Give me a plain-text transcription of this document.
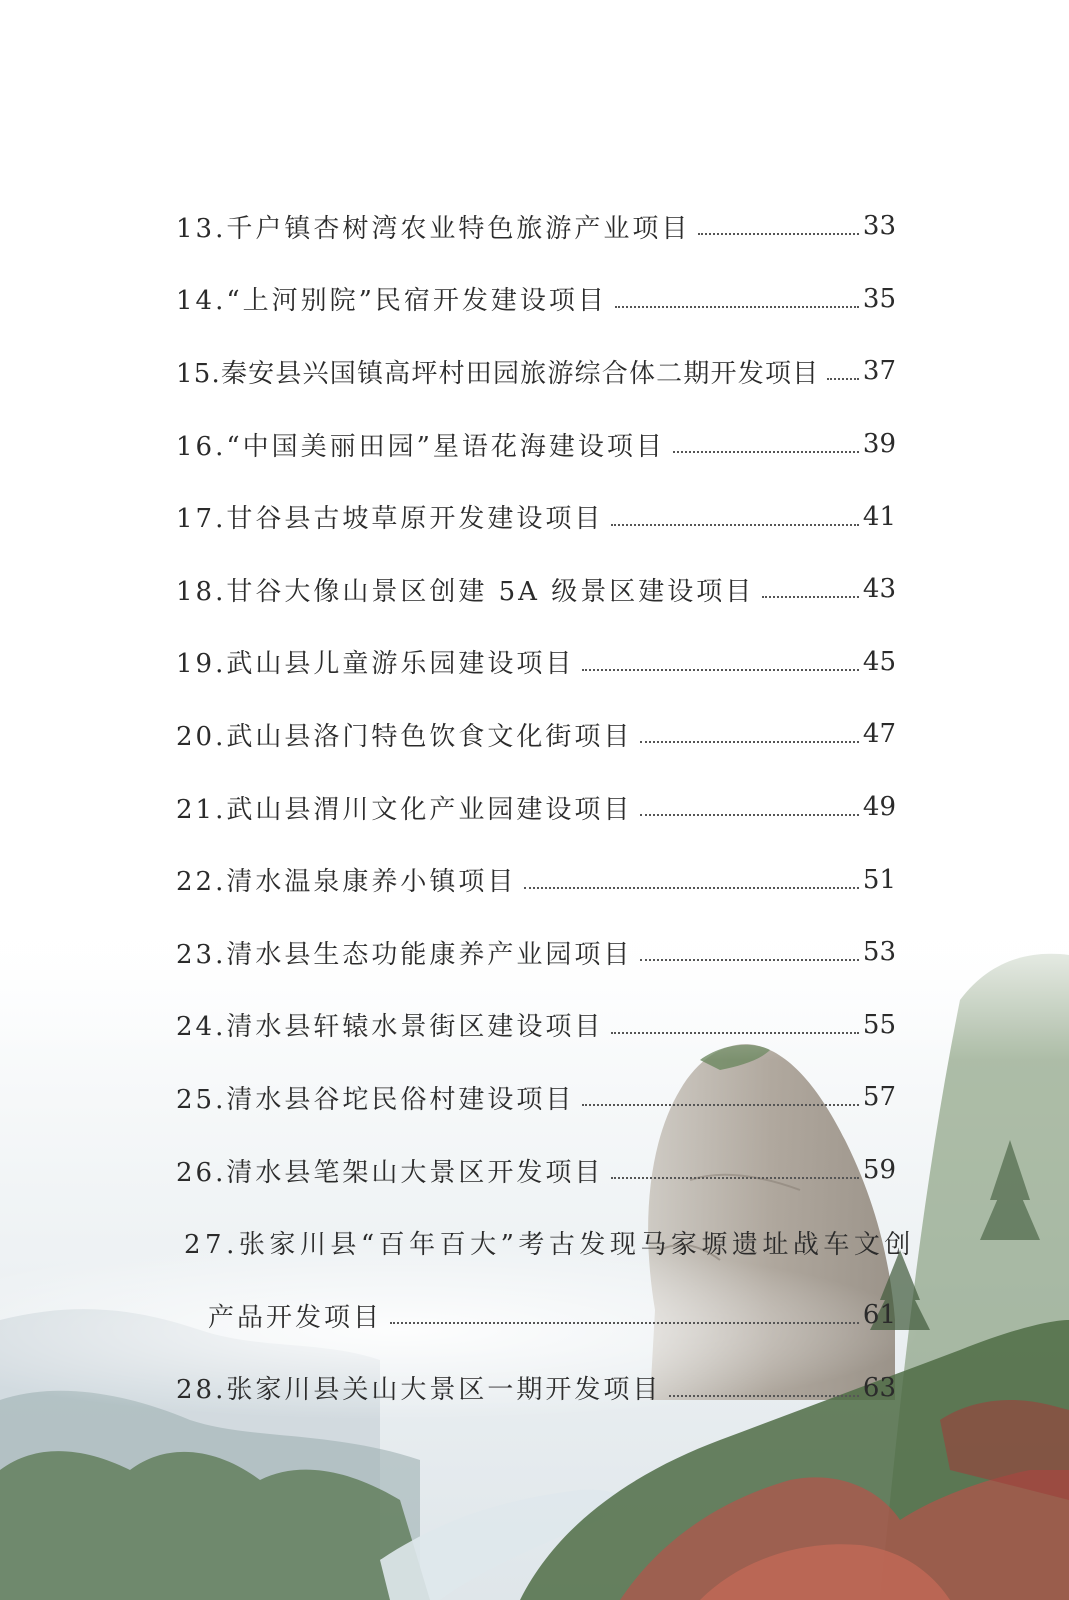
13.千户镇杏树湾农业特色旅游产业项目	33
14.“上河别院”民宿开发建设项目	35
15.秦安县兴国镇高坪村田园旅游综合体二期开发项目	37
16.“中国美丽田园”星语花海建设项目	39
17.甘谷县古坡草原开发建设项目	41
18.甘谷大像山景区创建 5A 级景区建设项目	43
19.武山县儿童游乐园建设项目	45
20.武山县洛门特色饮食文化街项目	47
21.武山县渭川文化产业园建设项目	49
22.清水温泉康养小镇项目	51
23.清水县生态功能康养产业园项目	53
24.清水县轩辕水景街区建设项目	55
25.清水县谷坨民俗村建设项目	57
26.清水县笔架山大景区开发项目	59
27.张家川县“百年百大”考古发现马家塬遗址战车文创
产品开发项目	61
28.张家川县关山大景区一期开发项目	63
